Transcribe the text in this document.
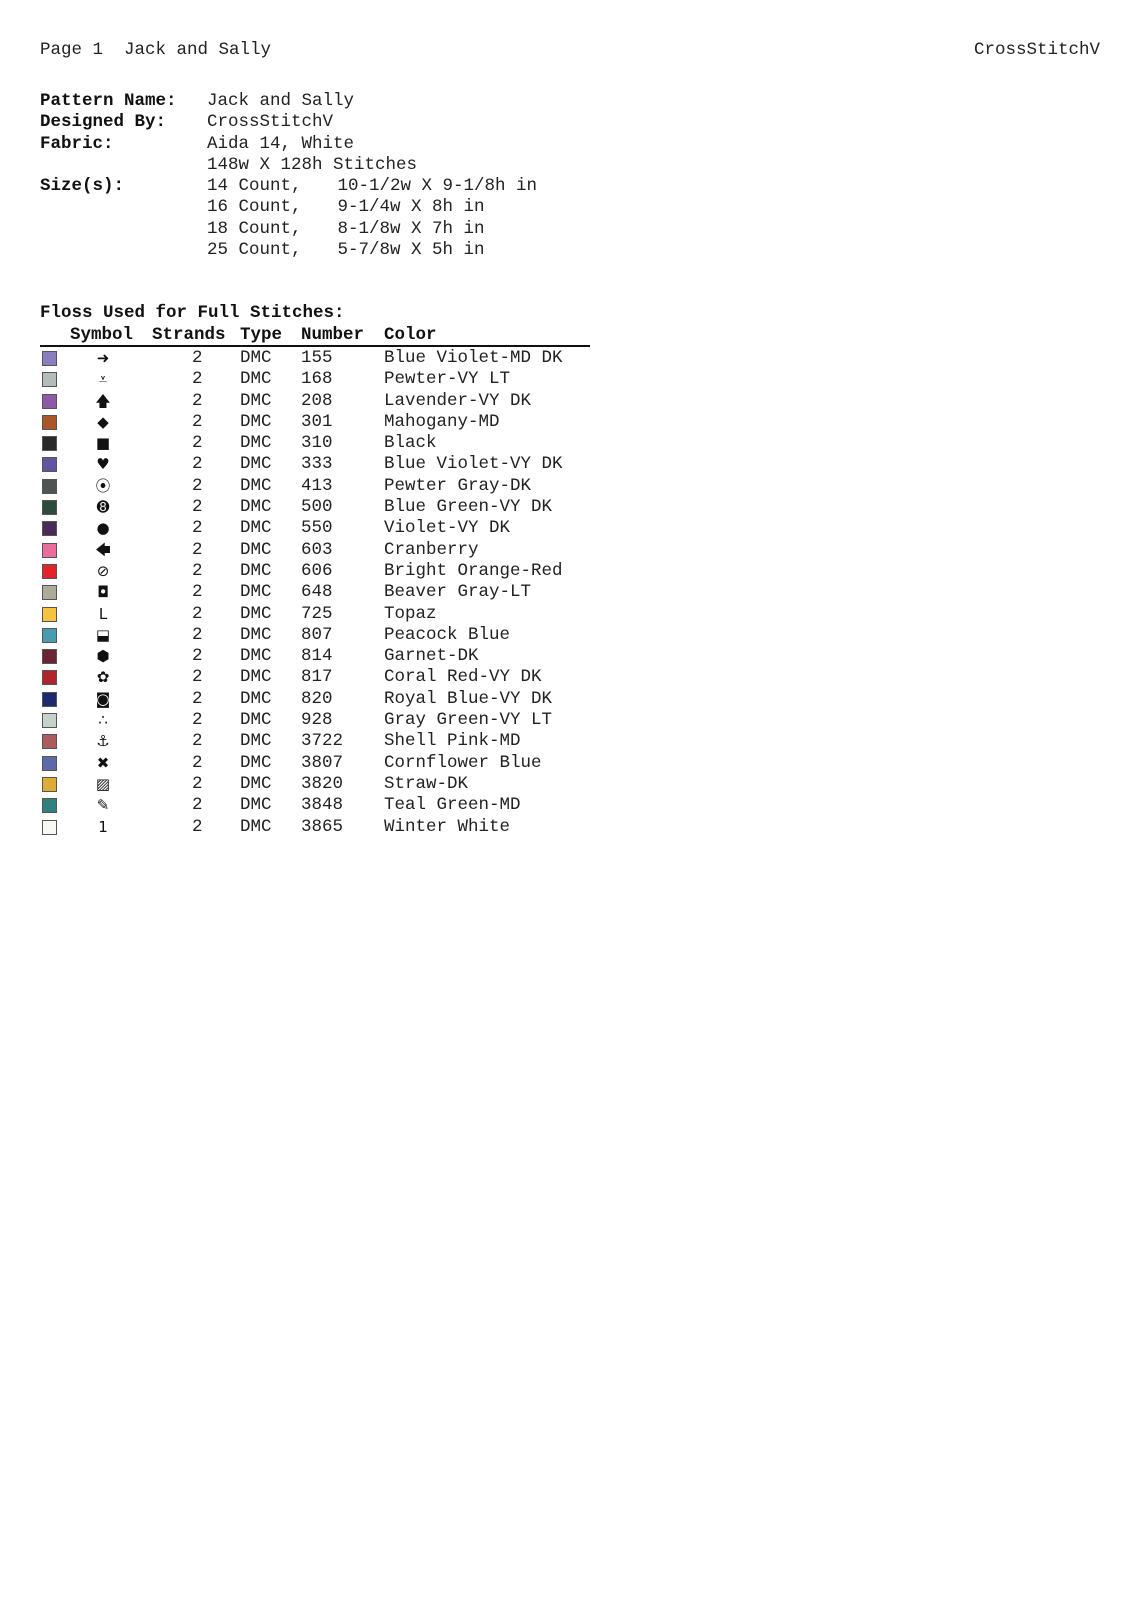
Page 1 Jack and Sally	CrossStitchV
Pattern Name:	Jack and Sally
Designed By:	CrossStitchV
Fabric:	Aida 14, White
148w X 128h Stitches
Size(s):	14 Count, 10-1/2w X 9-1/8h in
16 Count, 9-1/4w X 8h in
18 Count, 8-1/8w X 7h in
25 Count, 5-7/8w X 5h in
Floss Used for Full Stitches:
Symbol Strands Type Number Color
➜	2 DMC 155	Blue Violet-MD DK
⩡	2 DMC 168	Pewter-VY LT
🡅	2 DMC 208	Lavender-VY DK
◆	2 DMC 301	Mahogany-MD
■	2 DMC 310	Black
♥	2 DMC 333	Blue Violet-VY DK
⦿	2 DMC 413	Pewter Gray-DK
➑	2 DMC 500	Blue Green-VY DK
●	2 DMC 550	Violet-VY DK
🡄	2 DMC 603	Cranberry
⊘	2 DMC 606	Bright Orange-Red
◘	2 DMC 648	Beaver Gray-LT
L	2 DMC 725	Topaz
⬓	2 DMC 807	Peacock Blue
⬢	2 DMC 814	Garnet-DK
✿	2 DMC 817	Coral Red-VY DK
◙	2 DMC 820	Royal Blue-VY DK
∴	2 DMC 928	Gray Green-VY LT
⚓	2 DMC 3722 Shell Pink-MD
✖	2 DMC 3807 Cornflower Blue
▨	2 DMC 3820 Straw-DK
✎	2 DMC 3848 Teal Green-MD
1	2 DMC 3865 Winter White
